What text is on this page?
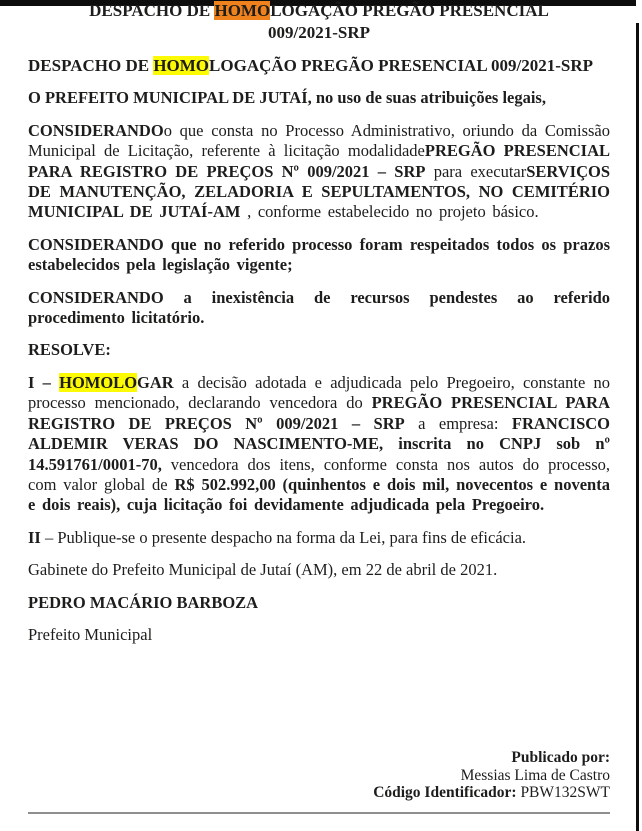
DESPACHO DE HOMOLOGAÇÃO PREGÃO PRESENCIAL
009/2021-SRP

DESPACHO DE HOMOLOGAÇÃO PREGÃO PRESENCIAL 009/2021-SRP

O PREFEITO MUNICIPAL DE JUTAÍ, no uso de suas atribuições legais,

CONSIDERANDOo que consta no Processo Administrativo, oriundo da Comissão Municipal de Licitação, referente à licitação modalidadePREGÃO PRESENCIAL PARA REGISTRO DE PREÇOS Nº 009/2021 – SRP para executarSERVIÇOS DE MANUTENÇÃO, ZELADORIA E SEPULTAMENTOS, NO CEMITÉRIO MUNICIPAL DE JUTAÍ-AM , conforme estabelecido no projeto básico.

CONSIDERANDO que no referido processo foram respeitados todos os prazos estabelecidos pela legislação vigente;

CONSIDERANDO a inexistência de recursos pendestes ao referido procedimento licitatório.

RESOLVE:

I – HOMOLOGAR a decisão adotada e adjudicada pelo Pregoeiro, constante no processo mencionado, declarando vencedora do PREGÃO PRESENCIAL PARA REGISTRO DE PREÇOS Nº 009/2021 – SRP a empresa: FRANCISCO ALDEMIR VERAS DO NASCIMENTO-ME, inscrita no CNPJ sob nº 14.591761/0001-70, vencedora dos itens, conforme consta nos autos do processo, com valor global de R$ 502.992,00 (quinhentos e dois mil, novecentos e noventa e dois reais), cuja licitação foi devidamente adjudicada pela Pregoeiro.

II – Publique-se o presente despacho na forma da Lei, para fins de eficácia.

Gabinete do Prefeito Municipal de Jutaí (AM), em 22 de abril de 2021.

PEDRO MACÁRIO BARBOZA

Prefeito Municipal

Publicado por:
Messias Lima de Castro
Código Identificador: PBW132SWT
